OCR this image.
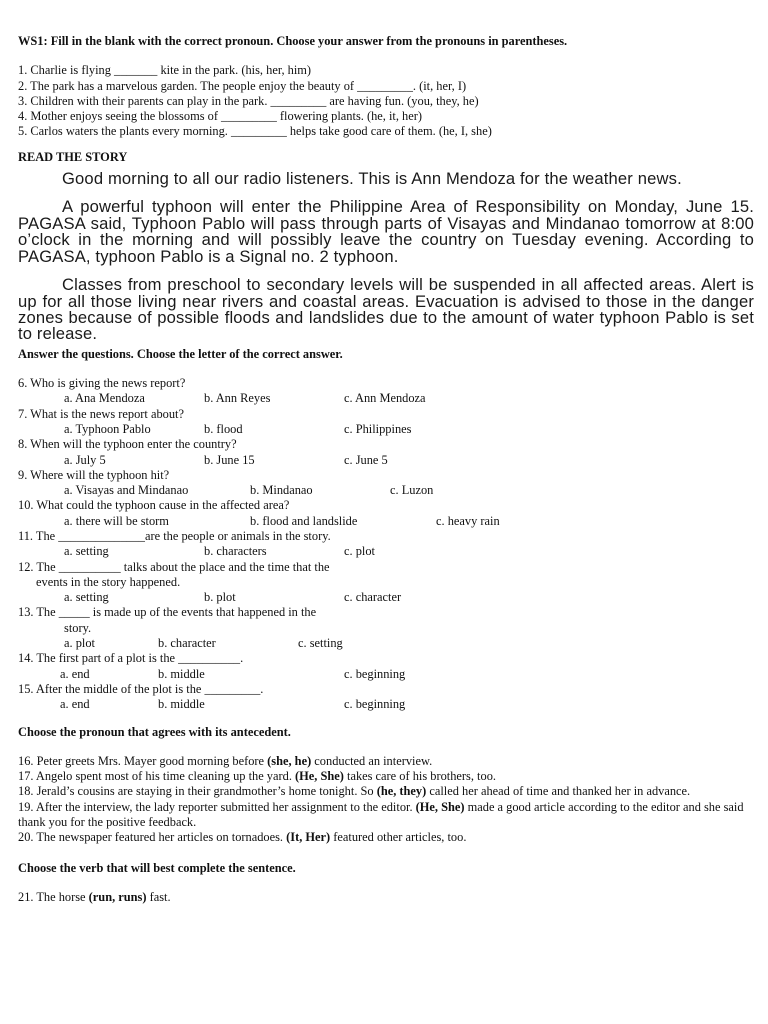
WS1: Fill in the blank with the correct pronoun. Choose your answer from the pronouns in parentheses.
1. Charlie is flying _______ kite in the park. (his, her, him)
2. The park has a marvelous garden. The people enjoy the beauty of _________. (it, her, I)
3. Children with their parents can play in the park. _________ are having fun. (you, they, he)
4. Mother enjoys seeing the blossoms of _________ flowering plants. (he, it, her)
5. Carlos waters the plants every morning. _________ helps take good care of them. (he, I, she)
READ THE STORY

Good morning to all our radio listeners. This is Ann Mendoza for the weather news.

A powerful typhoon will enter the Philippine Area of Responsibility on Monday, June 15. PAGASA said, Typhoon Pablo will pass through parts of Visayas and Mindanao tomorrow at 8:00 o’clock in the morning and will possibly leave the country on Tuesday evening. According to PAGASA, typhoon Pablo is a Signal no. 2 typhoon.

Classes from preschool to secondary levels will be suspended in all affected areas. Alert is up for all those living near rivers and coastal areas. Evacuation is advised to those in the danger zones because of possible floods and landslides due to the amount of water typhoon Pablo is set to release.

Answer the questions. Choose the letter of the correct answer.
6. Who is giving the news report?
a. Ana Mendoza	b. Ann Reyes	c. Ann Mendoza
7. What is the news report about?
a. Typhoon Pablo	b. flood	c. Philippines
8. When will the typhoon enter the country?
a. July 5	b. June 15	c. June 5
9. Where will the typhoon hit?
a. Visayas and Mindanao	b. Mindanao	c. Luzon
10. What could the typhoon cause in the affected area?
a. there will be storm	b. flood and landslide	c. heavy rain
11. The ______________are the people or animals in the story.
a. setting	b. characters	c. plot
12. The __________ talks about the place and the time that the
events in the story happened.
a. setting	b. plot	c. character
13. The _____ is made up of the events that happened in the
story.
a. plot	b. character	c. setting
14. The first part of a plot is the __________.
a. end	b. middle	c. beginning
15. After the middle of the plot is the _________.
a. end	b. middle	c. beginning
Choose the pronoun that agrees with its antecedent.
16. Peter greets Mrs. Mayer good morning before (she, he) conducted an interview.
17. Angelo spent most of his time cleaning up the yard. (He, She) takes care of his brothers, too.
18. Jerald’s cousins are staying in their grandmother’s home tonight. So (he, they) called her ahead of time and thanked her in advance.
19. After the interview, the lady reporter submitted her assignment to the editor. (He, She) made a good article according to the editor and she said thank you for the positive feedback.
20. The newspaper featured her articles on tornadoes. (It, Her) featured other articles, too.
Choose the verb that will best complete the sentence.
21. The horse (run, runs) fast.
